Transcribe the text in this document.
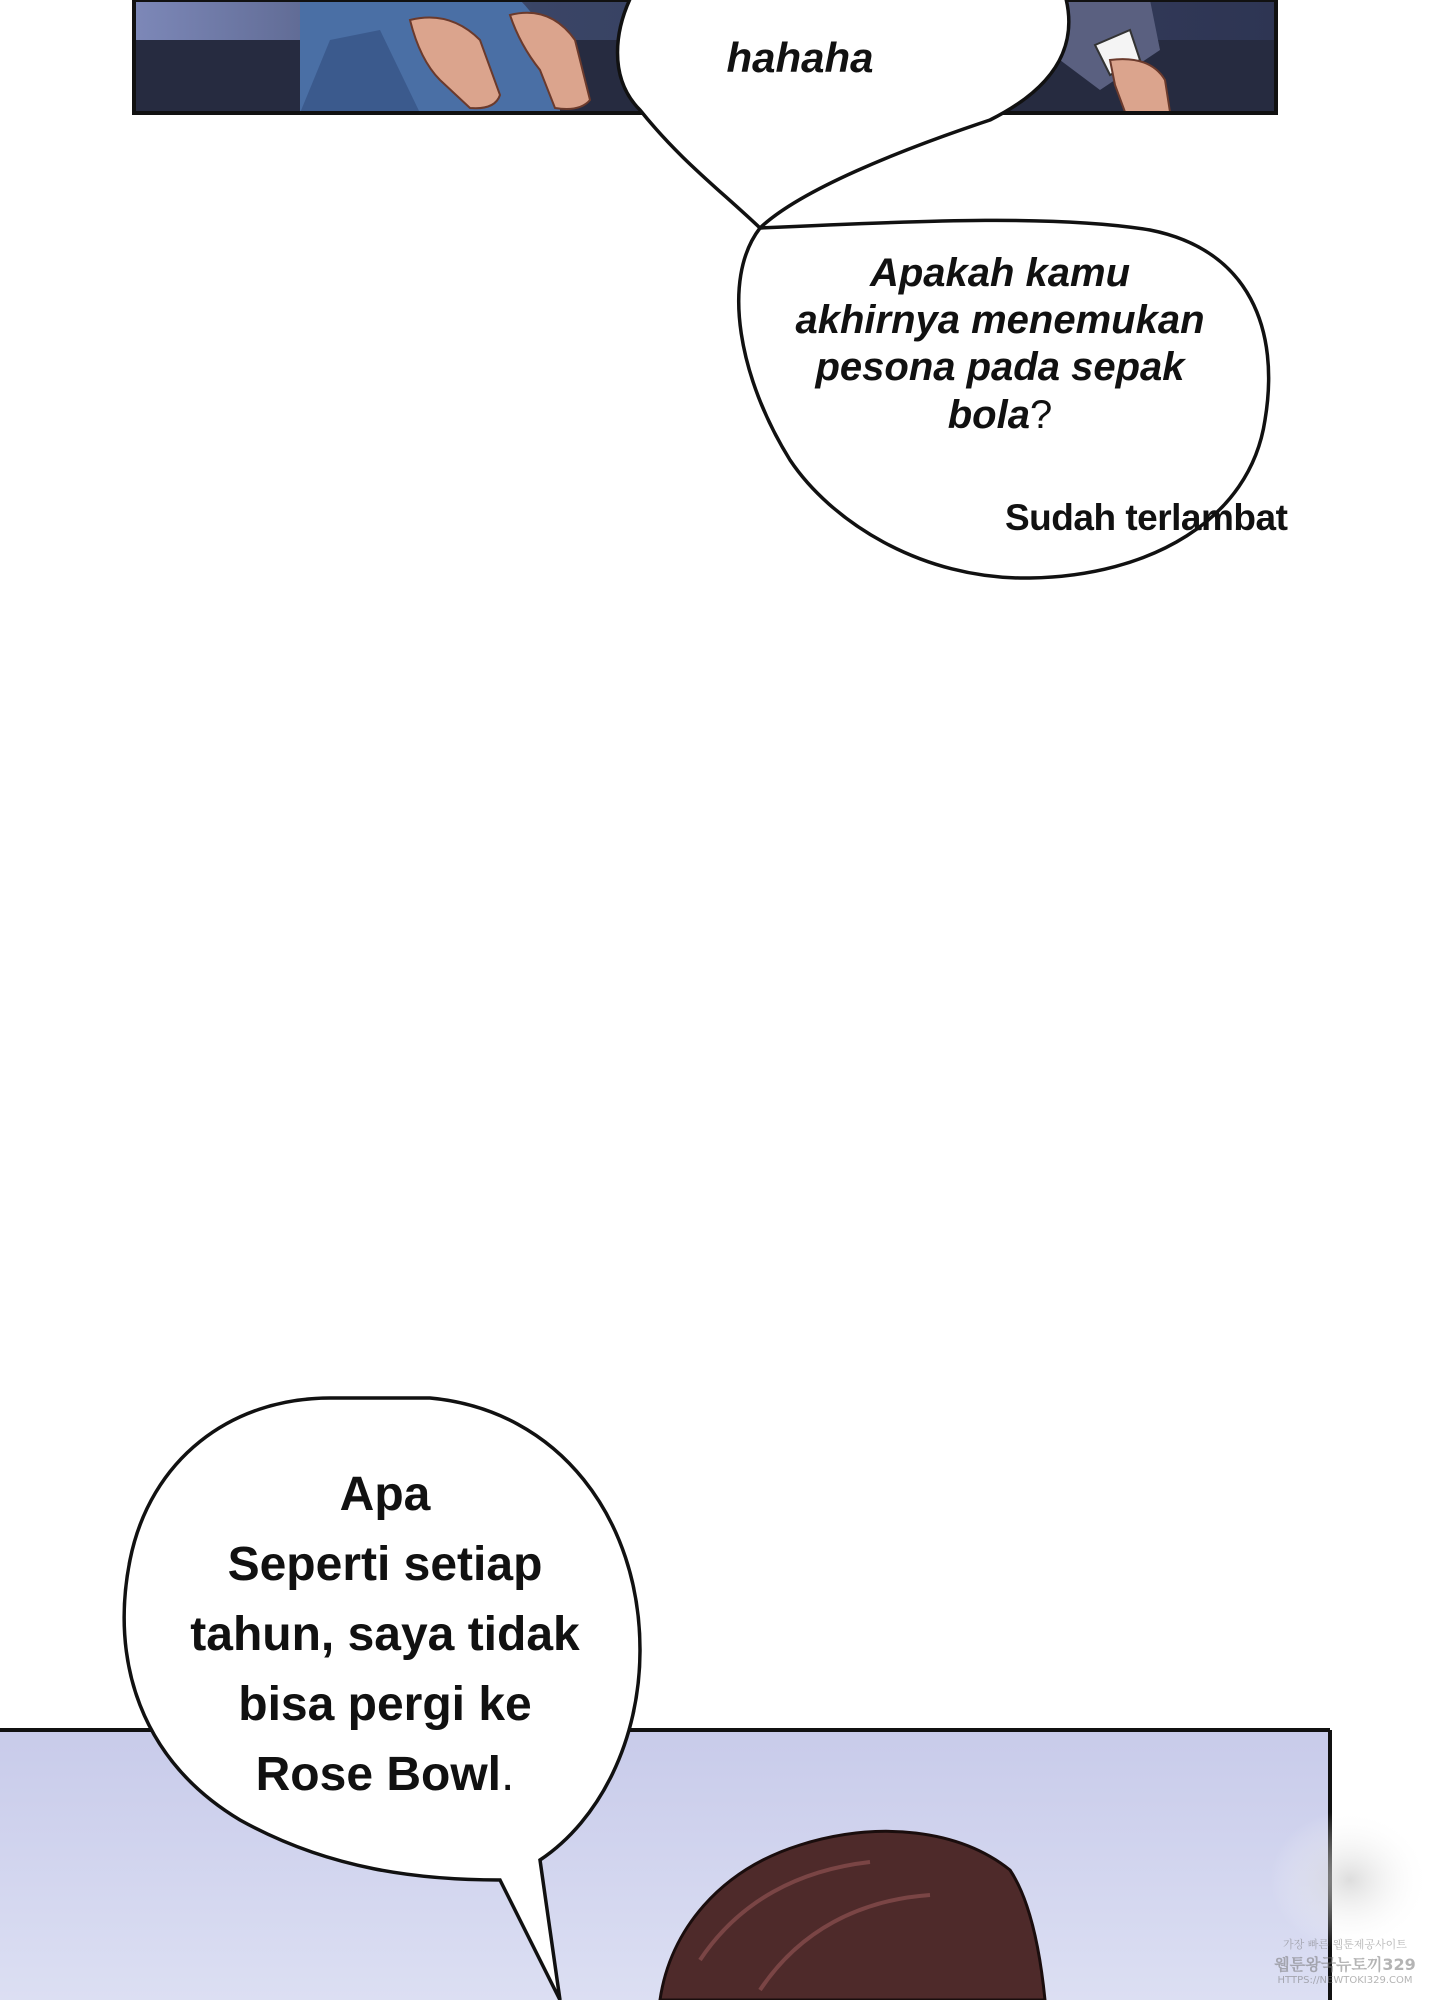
hahaha
Apakah kamu
akhirnya menemukan
pesona pada sepak
bola?
Sudah terlambat
Apa
Seperti setiap
tahun, saya tidak
bisa pergi ke
Rose Bowl.
가장 빠른 웹툰제공사이트
웹툰왕국뉴토끼329
HTTPS://NEWTOKI329.COM
